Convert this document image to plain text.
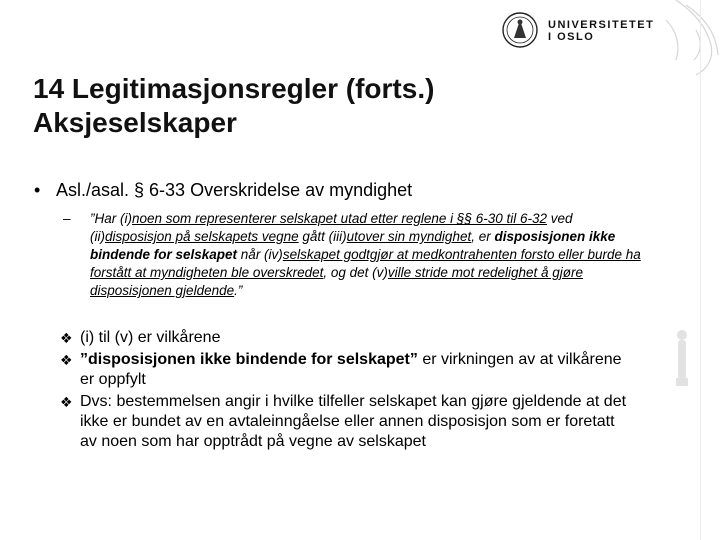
UNIVERSITETET
I OSLO
14 Legitimasjonsregler (forts.)
Aksjeselskaper
• Asl./asal. § 6-33 Overskridelse av myndighet
– ”Har (i)noen som representerer selskapet utad etter reglene i §§ 6-30 til 6-32 ved (ii)disposisjon på selskapets vegne gått (iii)utover sin myndighet, er disposisjonen ikke bindende for selskapet når (iv)selskapet godtgjør at medkontrahenten forsto eller burde ha forstått at myndigheten ble overskredet, og det (v)ville stride mot redelighet å gjøre disposisjonen gjeldende.”
❖ (i) til (v) er vilkårene
❖ ”disposisjonen ikke bindende for selskapet” er virkningen av at vilkårene er oppfylt
❖ Dvs: bestemmelsen angir i hvilke tilfeller selskapet kan gjøre gjeldende at det ikke er bundet av en avtaleinngåelse eller annen disposisjon som er foretatt av noen som har opptrådt på vegne av selskapet
